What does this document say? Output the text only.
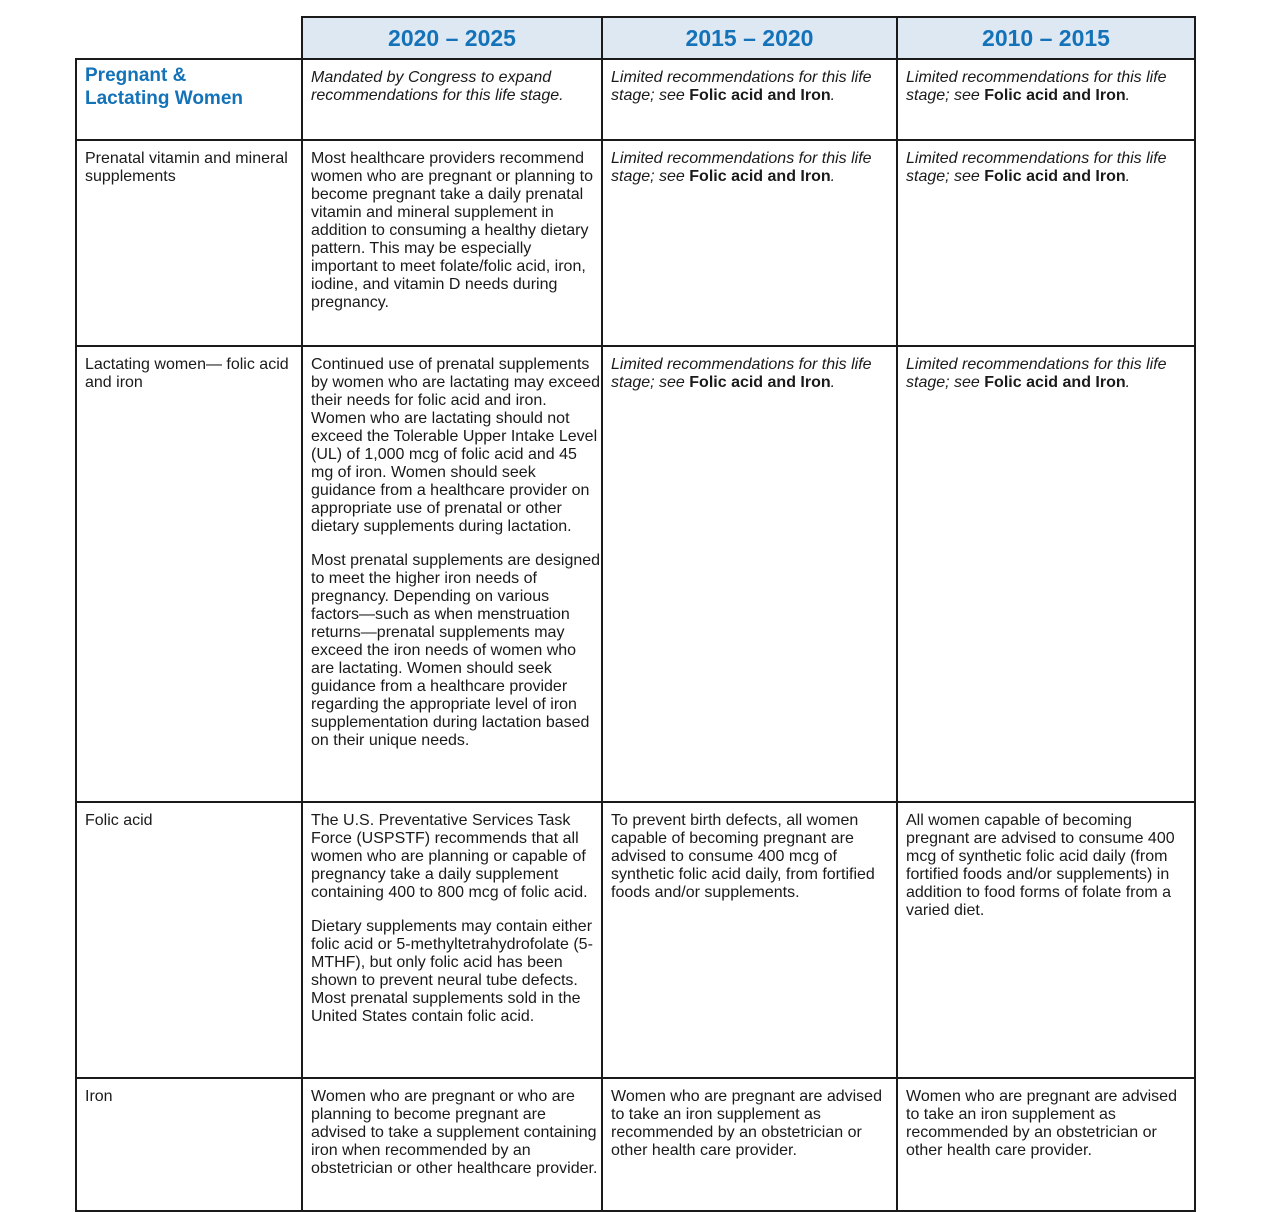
	2020 – 2025	2015 – 2020	2010 – 2015
Pregnant &
Lactating Women	Mandated by Congress to expand recommendations for this life stage.	Limited recommendations for this life stage; see Folic acid and Iron.	Limited recommendations for this life stage; see Folic acid and Iron.
Prenatal vitamin and mineral supplements	Most healthcare providers recommend women who are pregnant or planning to become pregnant take a daily prenatal vitamin and mineral supplement in addition to consuming a healthy dietary pattern. This may be especially important to meet folate/folic acid, iron, iodine, and vitamin D needs during pregnancy.	Limited recommendations for this life stage; see Folic acid and Iron.	Limited recommendations for this life stage; see Folic acid and Iron.
Lactating women— folic acid and iron	Continued use of prenatal supplements by women who are lactating may exceed their needs for folic acid and iron. Women who are lactating should not exceed the Tolerable Upper Intake Level (UL) of 1,000 mcg of folic acid and 45 mg of iron. Women should seek guidance from a healthcare provider on appropriate use of prenatal or other dietary supplements during lactation.

Most prenatal supplements are designed to meet the higher iron needs of pregnancy. Depending on various factors—such as when menstruation returns—prenatal supplements may exceed the iron needs of women who are lactating. Women should seek guidance from a healthcare provider regarding the appropriate level of iron supplementation during lactation based on their unique needs.	Limited recommendations for this life stage; see Folic acid and Iron.	Limited recommendations for this life stage; see Folic acid and Iron.
Folic acid	The U.S. Preventative Services Task Force (USPSTF) recommends that all women who are planning or capable of pregnancy take a daily supplement containing 400 to 800 mcg of folic acid.

Dietary supplements may contain either folic acid or 5-methyltetrahydrofolate (5-MTHF), but only folic acid has been shown to prevent neural tube defects. Most prenatal supplements sold in the United States contain folic acid.	To prevent birth defects, all women capable of becoming pregnant are advised to consume 400 mcg of synthetic folic acid daily, from fortified foods and/or supplements.	All women capable of becoming pregnant are advised to consume 400 mcg of synthetic folic acid daily (from fortified foods and/or supplements) in addition to food forms of folate from a varied diet.
Iron	Women who are pregnant or who are planning to become pregnant are advised to take a supplement containing iron when recommended by an obstetrician or other healthcare provider.	Women who are pregnant are advised to take an iron supplement as recommended by an obstetrician or other health care provider.	Women who are pregnant are advised to take an iron supplement as recommended by an obstetrician or other health care provider.
